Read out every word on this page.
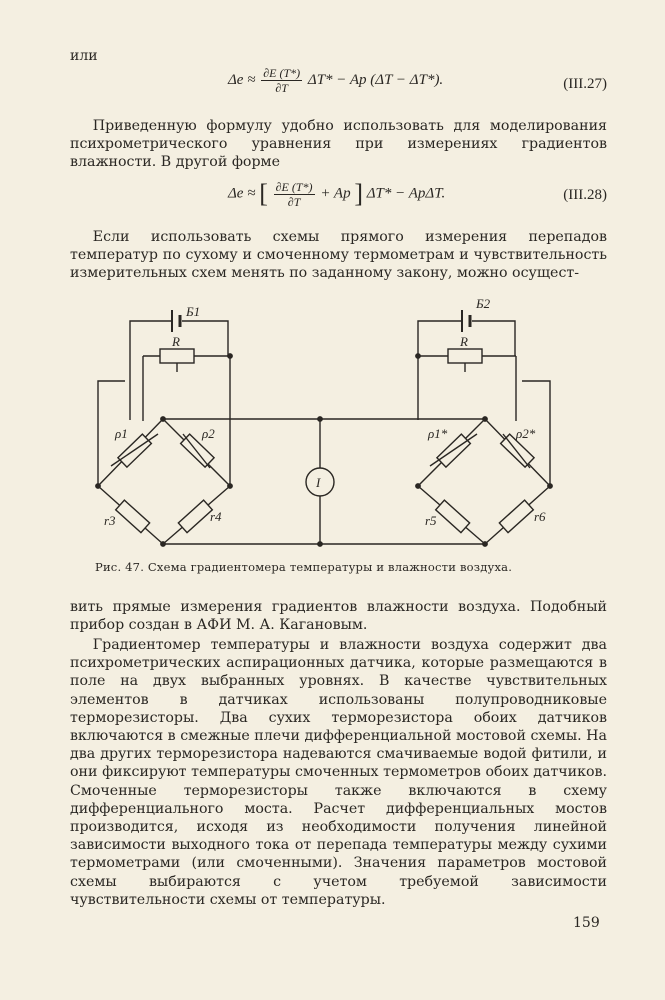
или
$\Delta e \approx \frac{\partial E (T*)}{\partial T} \Delta T* - Ap$ (ΔT − ΔT*).	(III.27)
Приведенную формулу удобно использовать для моделирования психрометрического уравнения при измерениях градиентов влажности. В другой форме
Δe ≈ [ $\frac{\partial E (T*)}{\partial T} + Ap$ ] ΔT* − ApΔT.	(III.28)
Если использовать схемы прямого измерения перепадов температур по сухому и смоченному термометрам и чувствительность измерительных схем менять по заданному закону, можно осущест-
Б1
R
ρ1	ρ2
r3	r4
I
Б2
R
ρ1*	ρ2*
r5	r6
Рис. 47. Схема градиентомера температуры и влажности воздуха.
вить прямые измерения градиентов влажности воздуха. Подобный прибор создан в АФИ М. А. Кагановым.
Градиентомер температуры и влажности воздуха содержит два психрометрических аспирационных датчика, которые размещаются в поле на двух выбранных уровнях. В качестве чувствительных элементов в датчиках использованы полупроводниковые терморезисторы. Два сухих терморезистора обоих датчиков включаются в смежные плечи дифференциальной мостовой схемы. На два других терморезистора надеваются смачиваемые водой фитили, и они фиксируют температуры смоченных термометров обоих датчиков. Смоченные терморезисторы также включаются в схему дифференциального моста. Расчет дифференциальных мостов производится, исходя из необходимости получения линейной зависимости выходного тока от перепада температуры между сухими термометрами (или смоченными). Значения параметров мостовой схемы выбираются с учетом требуемой зависимости чувствительности схемы от температуры.
159
